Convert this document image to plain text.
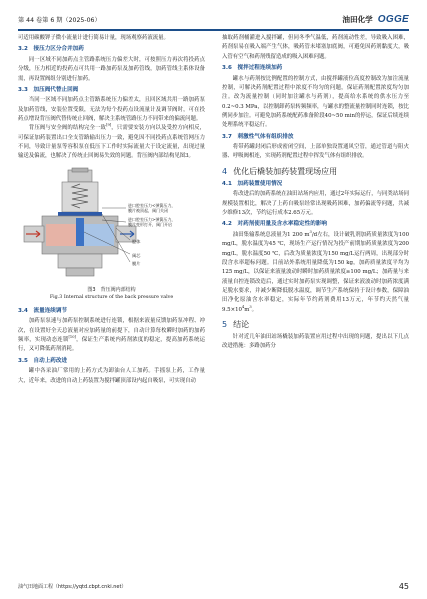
第 44 卷第 6 期（2025-06）	油田化学 OGGE

可适用碳酸钾子微小流量计进行简易计量，现场观察药液流量。

3.2　接压力区分合并加药

同一区域不同加药点主管路系统压力偏差大时，可按照压力再次将投药点分级，压力相近的投药点可共用一路加药泵及加药管线，加药管线主系体设备需，再设置阀组分别进行加药。

3.3　加压阀代替止回阀

当同一区域不同加药点主管路系统压力偏差太，且回区域共用一路加药泵及加药管线，安装位置受限，无法为每个投药点设流量计及调节阀时，可在投药点增设背压阀代替传统止回阀，解决主系统管路压力不同带来的偏流问题。

背压阀与安全阀的结构完全一致[9]，只需要安装方向以及受控方向相反，可保证加药装置出口全支管路输出压力一致，避免因不同投药点系统管网压力不同，导致计量泵等容积泵在低压下工作时实际流量大于设定流量，出现过量输送及偏流，也解决了传统止回阀易失效的问题。背压阀内部结构见图3。

进口腔室压力<弹簧压力，
膜片被顶起，阀门关闭
进口腔室压力>弹簧压力，
膜片变形打开，阀门开启
腔体
阀芯
膜片
图3　背压阀内部结构
Fig.3 Internal structure of the back pressure valve
3.4　流量连续调节

加药泵泵速与加药泵控制系统进行连锁，根据来液量反馈加药泵冲程、冲次，在设置好全天总液量对应加药量的前提下，自动计算每枚瞬时加药的加药频率，实现动态连锁[10]，保证生产系统内药剂浓度的稳定，提高加药系统运行，又可降低药剂消耗。

3.5　自动上药改进

罐中各采油厂常用的上药方式为卸油台人工加药。手摇泵上药，工作量大，近年来，改进的自动上药装置为搅拌罐顶部设内起自吸泵，可实现自动

抽取药剂桶灌进入搅拌罐，但同冬季气温低，药剂流动性差，导致吸入困难，药剂泵易在吸入端产生气体，吸药管未堵塞加底阀，可避免因药剂黏度大，吸入管有空气和药剂残留造成的吸入困难问题。

3.6　搅拌过程连续加药

罐水与药剂按比例配置的控制方式，由搅拌罐液位高度控制改为加注流量控制，可解决药剂配置过程中浓度不均匀的问题，保证药剂配置浓度均匀加注。改为流量控制（同时加注罐水与药剂），提高给水系统的供水压力至 0.2~0.3 MPa，以控制卸药泵转频频率，与罐水的整流量控制同时连锁，按比例同步加注。可避免加药系统配药准备阶段40~50 min的停运，保证后续连续处理系统平稳运行。

3.7　刺激性气体有组织排放

将带药罐封闭后形成密闭空间，上部单独设置通风空管，通过管道与阻火器、呼吸阀相连，实现药剂配置过程中挥发气体有组织排放。

4 优化后橇装加药装置现场应用
4.1　加药装置使用情况

将改进后的加药系统在油田站场内应用，通过2年实际运行，与同类站场同规模装置相比，解决了上药自吸泵经常出现吸药困难，加药偏流等问题，共减少维修13次，节约运行成本2.65万元。

4.2　对药剂使用量及含水率稳定性的影响

油田集输系统总液量为1 200 $m^3/d$左右，设计破乳剂加药质量浓度为100 mg/L，脱水温度为45 ℃，现场生产运行情况为投产前期加药质量浓度为200 mg/L，脱水温度50 ℃，后改为质量浓度为150 mg/L运行两周，出现部分时段含水率超标问题。目前站外系统用量降低为150 kg，加药质量浓度平均为125 mg/L，以保证来液量波动时瞬时加药质量浓度≥100 mg/L；加药量与来液量自控连锁改造后，通过实时加药泵实现调整，保证来液波动时加药浓度满足脱水要求，并减少断降低脱水温度，调节生产系统保持于设计参数，保障油田净化原油含水率稳定，实际年节约药剂费用13万元，年节约天然气量$9.5\times 10^4m^3$。

5 结论

针对近几年油田站场橇装加药装置应用过程中出现的问题，提出以下几点改进措施：多路加药分

油气田地面工程（https://yqtd.cbpt.cnki.net）	45
